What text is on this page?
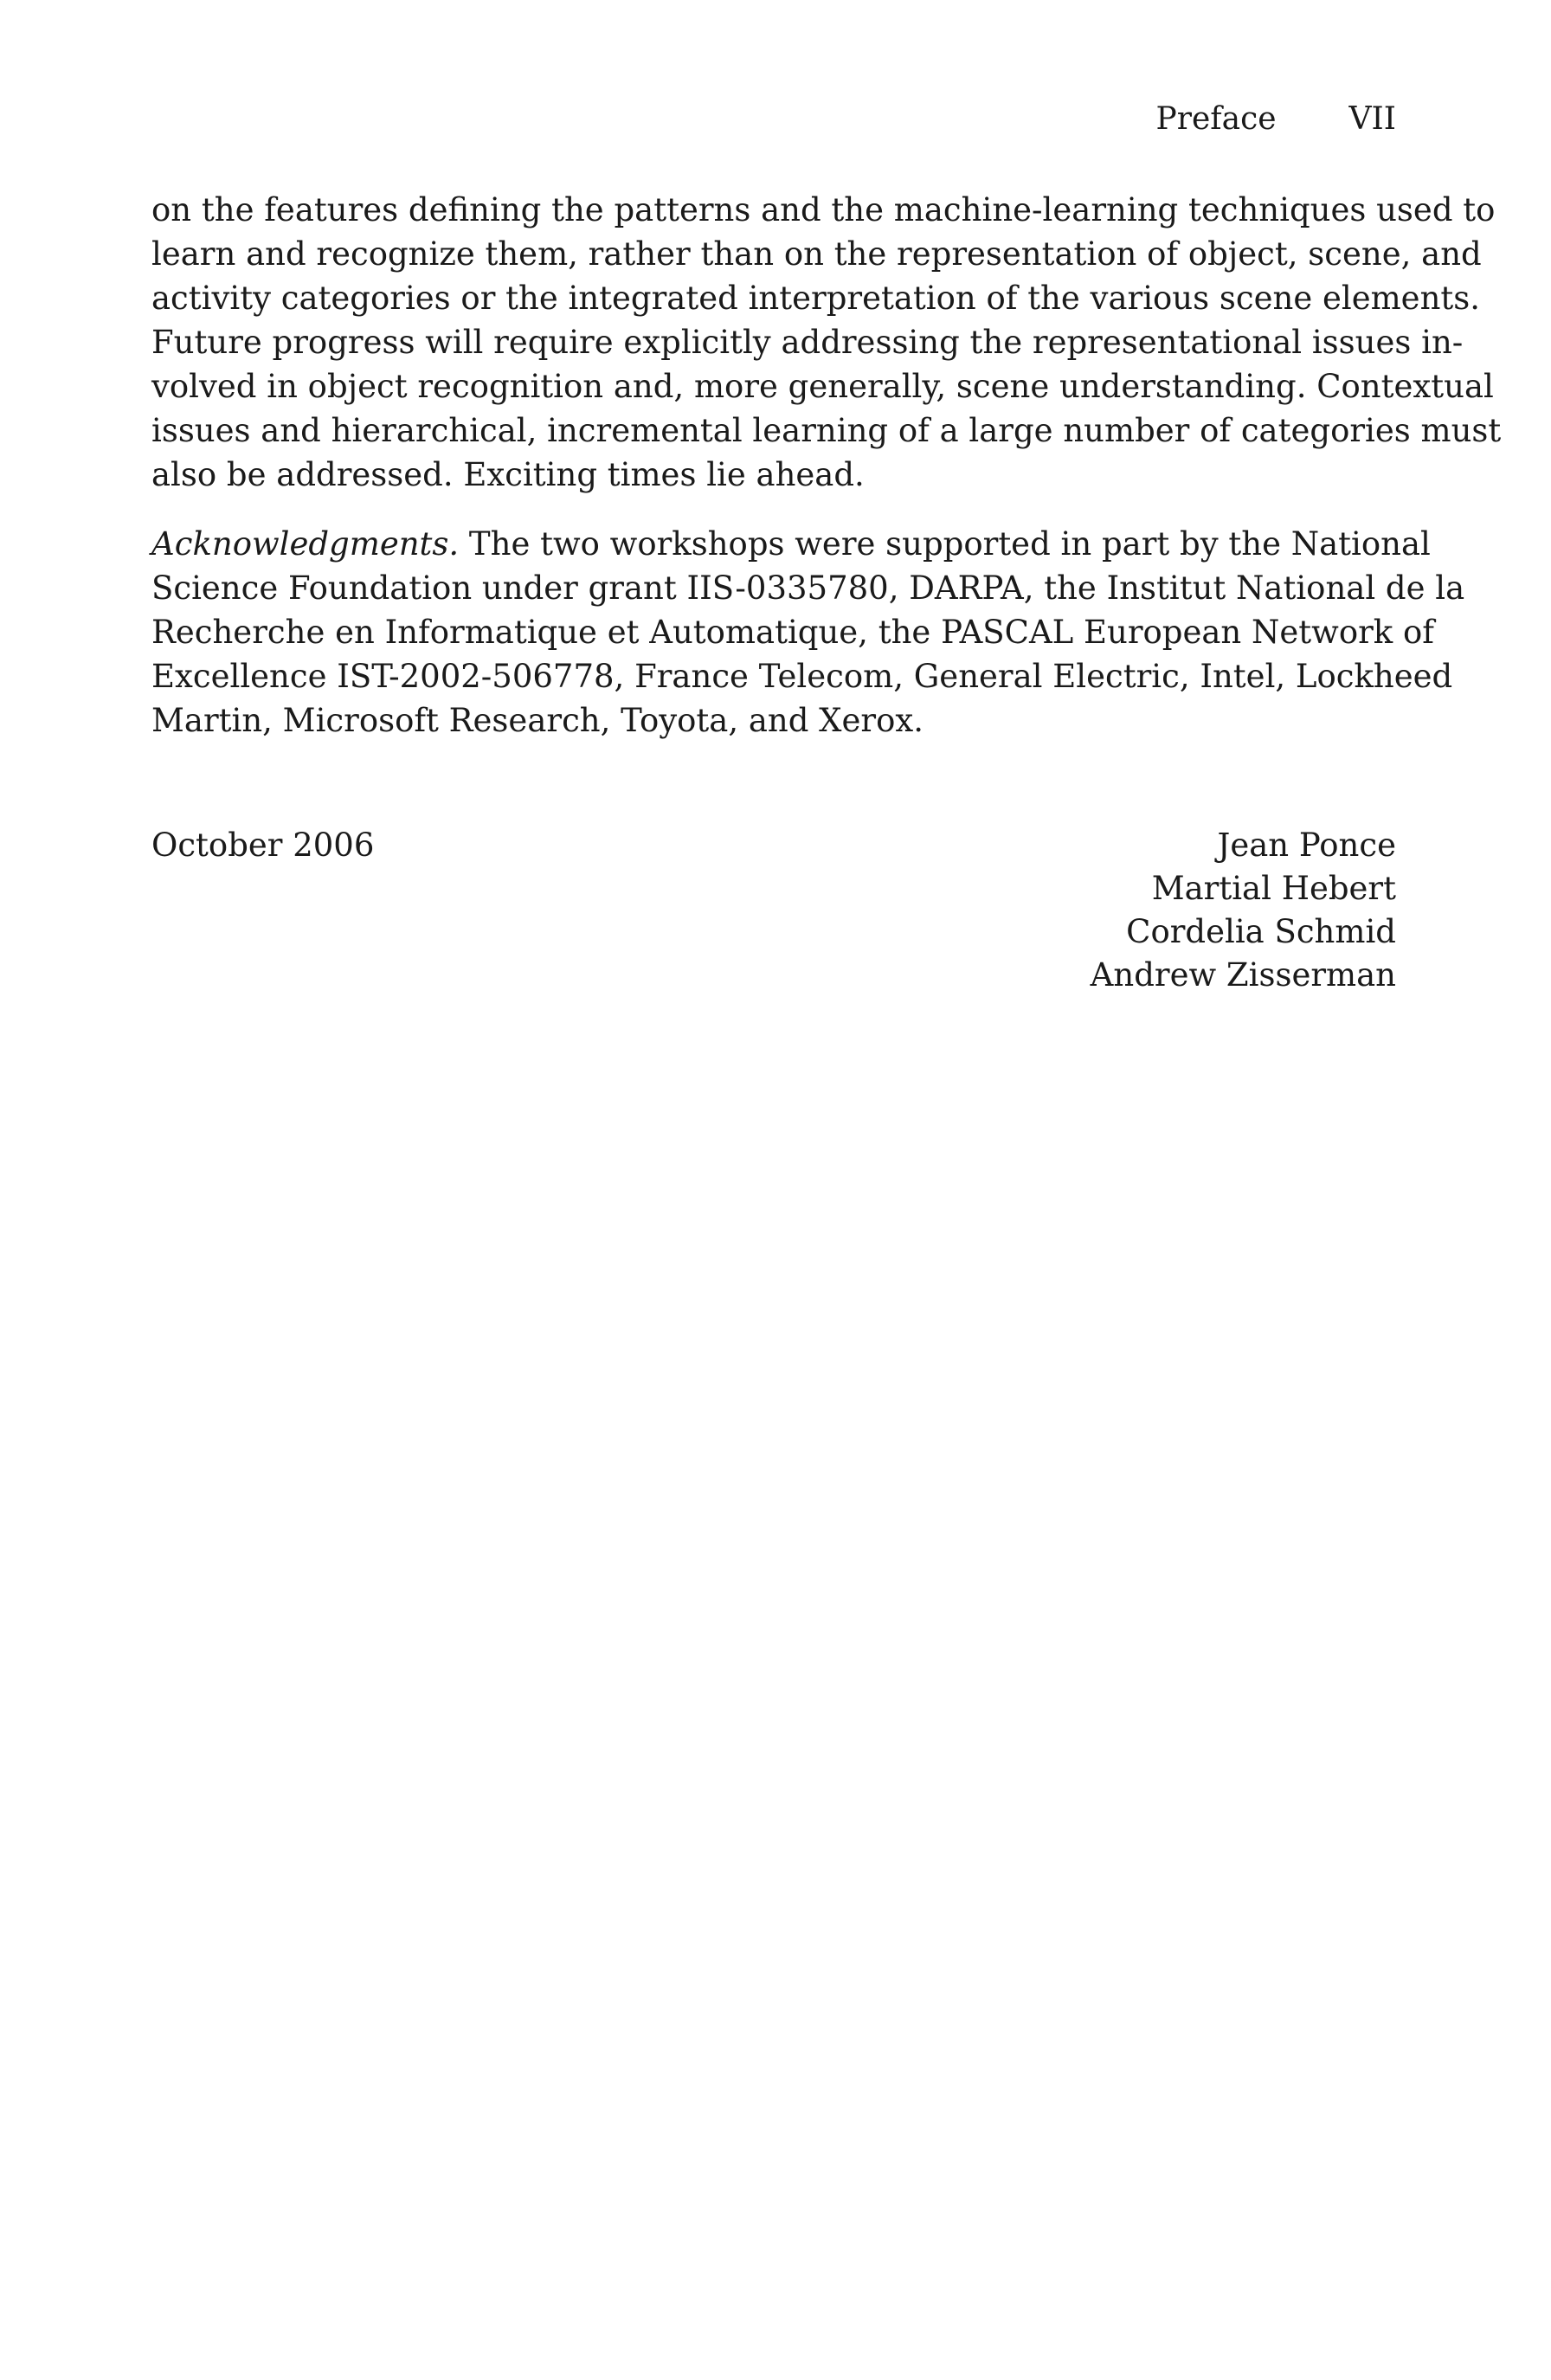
Preface VII
on the features defining the patterns and the machine-learning techniques used to
learn and recognize them, rather than on the representation of object, scene, and
activity categories or the integrated interpretation of the various scene elements.
Future progress will require explicitly addressing the representational issues in-
volved in object recognition and, more generally, scene understanding. Contextual
issues and hierarchical, incremental learning of a large number of categories must
also be addressed. Exciting times lie ahead.
Acknowledgments. The two workshops were supported in part by the National
Science Foundation under grant IIS-0335780, DARPA, the Institut National de la
Recherche en Informatique et Automatique, the PASCAL European Network of
Excellence IST-2002-506778, France Telecom, General Electric, Intel, Lockheed
Martin, Microsoft Research, Toyota, and Xerox.
October 2006	Jean Ponce
Martial Hebert
Cordelia Schmid
Andrew Zisserman
